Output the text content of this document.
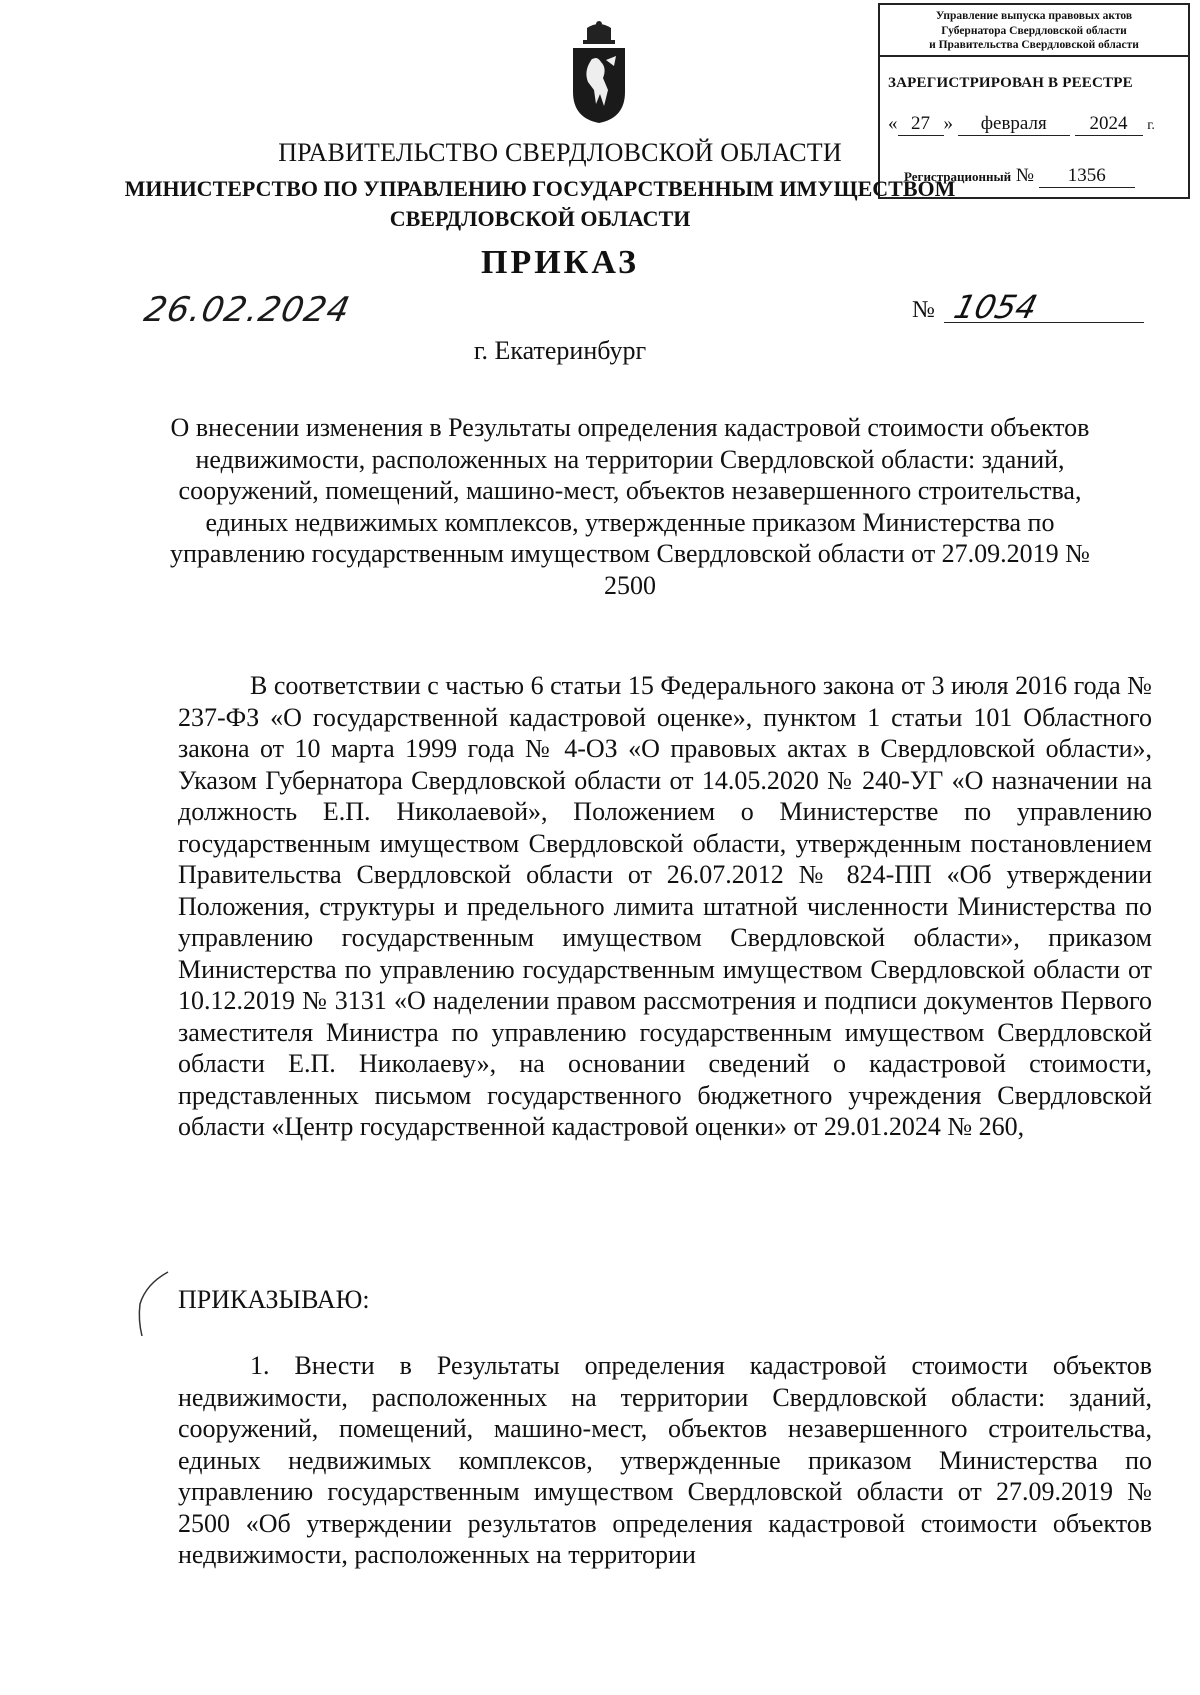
Управление выпуска правовых актов
Губернатора Свердловской области
и Правительства Свердловской области
ЗАРЕГИСТРИРОВАН В РЕЕСТРЕ
« 27 » февраля 2024 г.
Регистрационный № 1356
ПРАВИТЕЛЬСТВО СВЕРДЛОВСКОЙ ОБЛАСТИ
МИНИСТЕРСТВО ПО УПРАВЛЕНИЮ ГОСУДАРСТВЕННЫМ ИМУЩЕСТВОМ
СВЕРДЛОВСКОЙ ОБЛАСТИ
ПРИКАЗ
26.02.2024	№ 1054
г. Екатеринбург
О внесении изменения в Результаты определения кадастровой стоимости объектов недвижимости, расположенных на территории Свердловской области: зданий, сооружений, помещений, машино-мест, объектов незавершенного строительства, единых недвижимых комплексов, утвержденные приказом Министерства по управлению государственным имуществом Свердловской области от 27.09.2019 № 2500
В соответствии с частью 6 статьи 15 Федерального закона от 3 июля 2016 года № 237-ФЗ «О государственной кадастровой оценке», пунктом 1 статьи 101 Областного закона от 10 марта 1999 года № 4-ОЗ «О правовых актах в Свердловской области», Указом Губернатора Свердловской области от 14.05.2020 № 240-УГ «О назначении на должность Е.П. Николаевой», Положением о Министерстве по управлению государственным имуществом Свердловской области, утвержденным постановлением Правительства Свердловской области от 26.07.2012 № 824-ПП «Об утверждении Положения, структуры и предельного лимита штатной численности Министерства по управлению государственным имуществом Свердловской области», приказом Министерства по управлению государственным имуществом Свердловской области от 10.12.2019 № 3131 «О наделении правом рассмотрения и подписи документов Первого заместителя Министра по управлению государственным имуществом Свердловской области Е.П. Николаеву», на основании сведений о кадастровой стоимости, представленных письмом государственного бюджетного учреждения Свердловской области «Центр государственной кадастровой оценки» от 29.01.2024 № 260,
ПРИКАЗЫВАЮ:
1. Внести в Результаты определения кадастровой стоимости объектов недвижимости, расположенных на территории Свердловской области: зданий, сооружений, помещений, машино-мест, объектов незавершенного строительства, единых недвижимых комплексов, утвержденные приказом Министерства по управлению государственным имуществом Свердловской области от 27.09.2019 № 2500 «Об утверждении результатов определения кадастровой стоимости объектов недвижимости, расположенных на территории
